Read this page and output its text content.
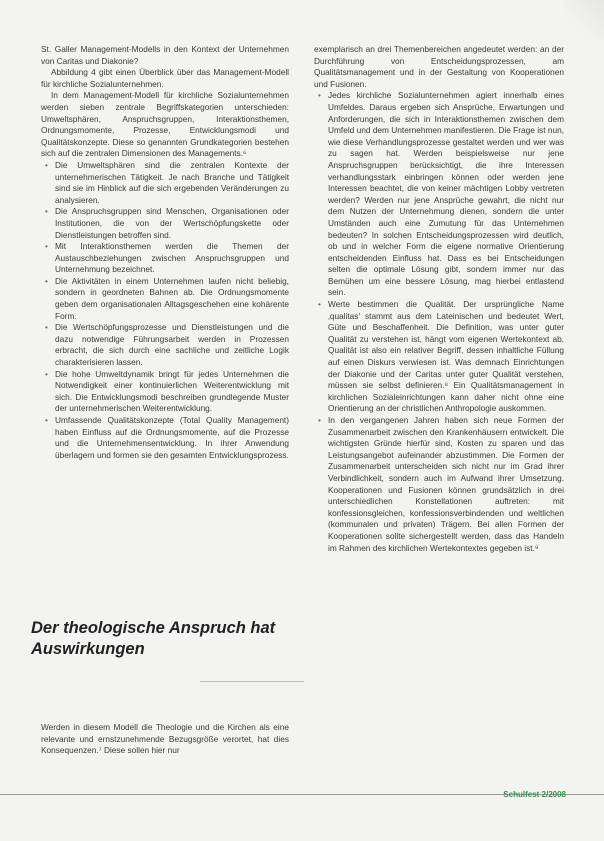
St. Galler Management-Modells in den Kontext der Unternehmen von Caritas und Diakonie?

Abbildung 4 gibt einen Überblick über das Management-Modell für kirchliche Sozialunternehmen.

In dem Management-Modell für kirchliche Sozialunternehmen werden sieben zentrale Begriffskategorien unterschieden: Umweltsphären, Anspruchsgruppen, Interaktionsthemen, Ordnungsmomente, Prozesse, Entwicklungsmodi und Qualitätskonzepte. Diese so genannten Grundkategorien bestehen sich auf die zentralen Dimensionen des Managements.⁶

• Die Umweltsphären sind die zentralen Kontexte der unternehmerischen Tätigkeit. Je nach Branche und Tätigkeit sind sie im Hinblick auf die sich ergebenden Veränderungen zu analysieren.
• Die Anspruchsgruppen sind Menschen, Organisationen oder Institutionen, die von der Wertschöpfungskette oder Dienstleistungen betroffen sind.
• Mit Interaktionsthemen werden die Themen der Austauschbeziehungen zwischen Anspruchsgruppen und Unternehmung bezeichnet.
• Die Aktivitäten in einem Unternehmen laufen nicht beliebig, sondern in geordneten Bahnen ab. Die Ordnungsmomente geben dem organisationalen Alltagsgeschehen eine kohärente Form.
• Die Wertschöpfungsprozesse und Dienstleistungen und die dazu notwendige Führungsarbeit werden in Prozessen erbracht, die sich durch eine sachliche und zeitliche Logik charakterisieren lassen.
• Die hohe Umweltdynamik bringt für jedes Unternehmen die Notwendigkeit einer kontinuierlichen Weiterentwicklung mit sich. Die Entwicklungsmodi beschreiben grundlegende Muster der unternehmerischen Weiterentwicklung.
• Umfassende Qualitätskonzepte (Total Quality Management) haben Einfluss auf die Ordnungsmomente, auf die Prozesse und die Unternehmensentwicklung. In ihrer Anwendung überlagern und formen sie den gesamten Entwicklungsprozess.
Der theologische Anspruch hat Auswirkungen

Werden in diesem Modell die Theologie und die Kirchen als eine relevante und ernstzunehmende Bezugsgröße verortet, hat dies Konsequenzen.⁷ Diese sollen hier nur

exemplarisch an drei Themenbereichen angedeutet werden: an der Durchführung von Entscheidungsprozessen, am Qualitätsmanagement und in der Gestaltung von Kooperationen und Fusionen.

• Jedes kirchliche Sozialunternehmen agiert innerhalb eines Umfeldes. Daraus ergeben sich Ansprüche, Erwartungen und Anforderungen, die sich in Interaktionsthemen zwischen dem Umfeld und dem Unternehmen manifestieren. Die Frage ist nun, wie diese Verhandlungsprozesse gestaltet werden und wer was zu sagen hat. Werden beispielsweise nur jene Anspruchsgruppen berücksichtigt, die ihre Interessen verhandlungsstark einbringen können oder werden jene Interessen beachtet, die von keiner mächtigen Lobby vertreten werden? Werden nur jene Ansprüche gewahrt, die nicht nur dem Nutzen der Unternehmung dienen, sondern die unter Umständen auch eine Zumutung für das Unternehmen bedeuten? In solchen Entscheidungsprozessen wird deutlich, ob und in welcher Form die eigene normative Orientierung entscheidenden Einfluss hat. Dass es bei Entscheidungen selten die optimale Lösung gibt, sondern immer nur das Bemühen um eine bessere Lösung, mag hierbei entlastend sein.
• Werte bestimmen die Qualität. Der ursprüngliche Name ‚qualitas' stammt aus dem Lateinischen und bedeutet Wert, Güte und Beschaffenheit. Die Definition, was unter guter Qualität zu verstehen ist, hängt vom eigenen Wertekontext ab. Qualität ist also ein relativer Begriff, dessen inhaltliche Füllung auf einen Diskurs verwiesen ist. Was demnach Einrichtungen der Diakonie und der Caritas unter guter Qualität verstehen, müssen sie selbst definieren.⁸ Ein Qualitätsmanagement in kirchlichen Sozialeinrichtungen kann daher nicht ohne eine Orientierung an der christlichen Anthropologie auskommen.
• In den vergangenen Jahren haben sich neue Formen der Zusammenarbeit zwischen den Krankenhäusern entwickelt. Die wichtigsten Gründe hierfür sind, Kosten zu sparen und das Leistungsangebot aufeinander abzustimmen. Die Formen der Zusammenarbeit unterscheiden sich nicht nur im Grad ihrer Verbindlichkeit, sondern auch im Aufwand ihrer Umsetzung. Kooperationen und Fusionen können grundsätzlich in drei unterschiedlichen Konstellationen auftreten: mit konfessionsgleichen, konfessionsverbindenden und weltlichen (kommunalen und privaten) Trägern. Bei allen Formen der Kooperationen sollte sichergestellt werden, dass das Handeln im Rahmen des kirchlichen Wertekontextes gegeben ist.⁹
Schulfest 2/2008
